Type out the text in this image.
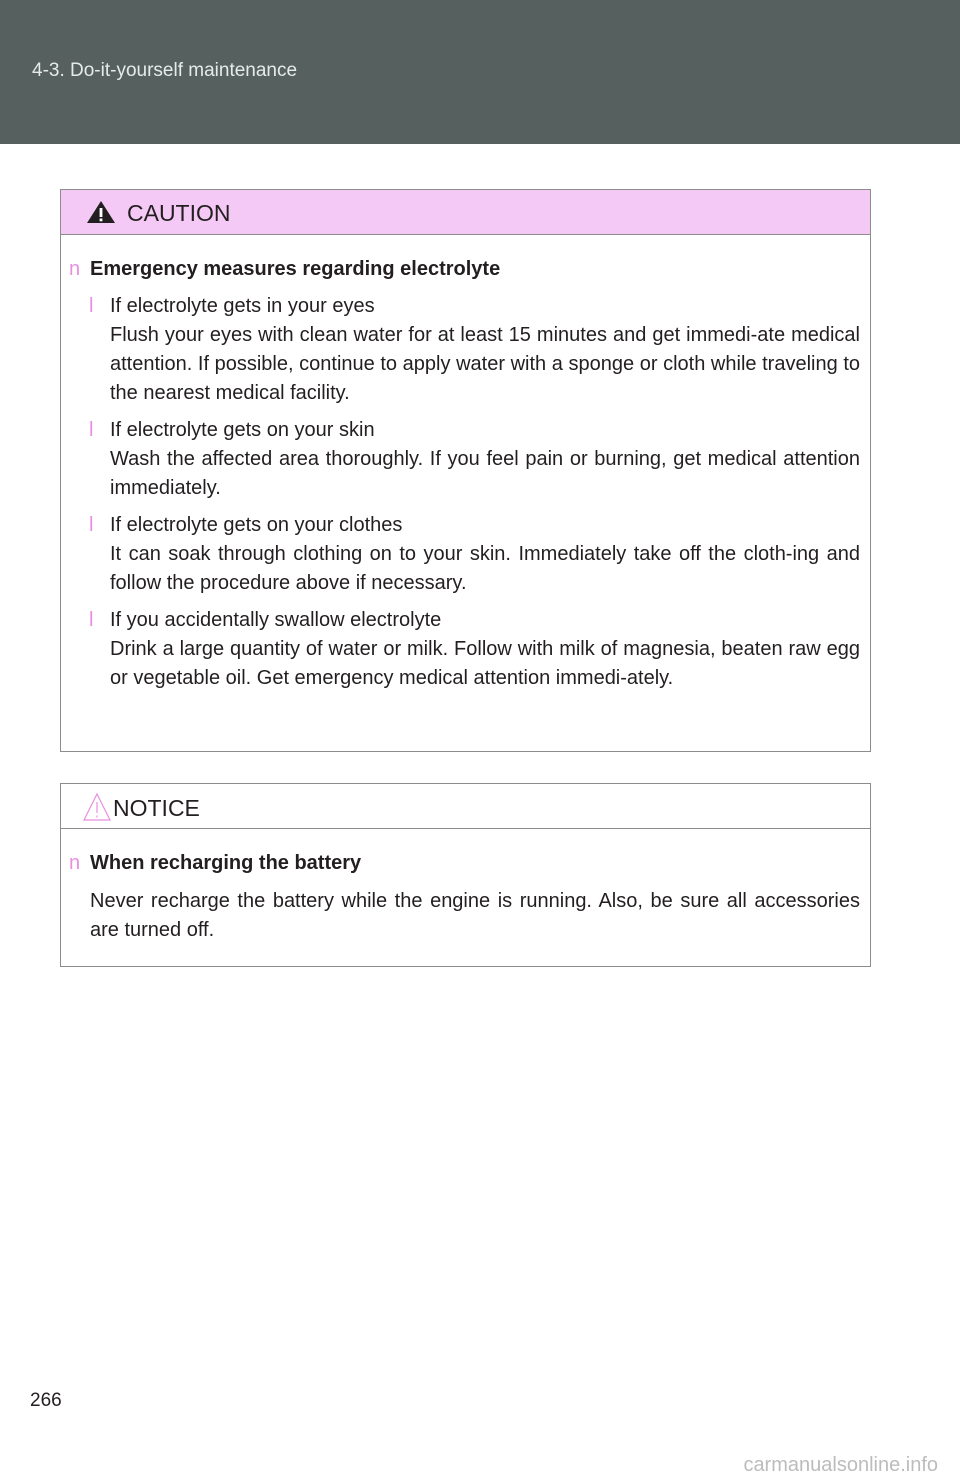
4-3. Do-it-yourself maintenance
CAUTION
n Emergency measures regarding electrolyte
l If electrolyte gets in your eyes
Flush your eyes with clean water for at least 15 minutes and get immedi-ate medical attention. If possible, continue to apply water with a sponge or cloth while traveling to the nearest medical facility.
l If electrolyte gets on your skin
Wash the affected area thoroughly. If you feel pain or burning, get medical attention immediately.
l If electrolyte gets on your clothes
It can soak through clothing on to your skin. Immediately take off the cloth-ing and follow the procedure above if necessary.
l If you accidentally swallow electrolyte
Drink a large quantity of water or milk. Follow with milk of magnesia, beaten raw egg or vegetable oil. Get emergency medical attention immedi-ately.
NOTICE
n When recharging the battery
Never recharge the battery while the engine is running. Also, be sure all accessories are turned off.
266
carmanualsonline.info
